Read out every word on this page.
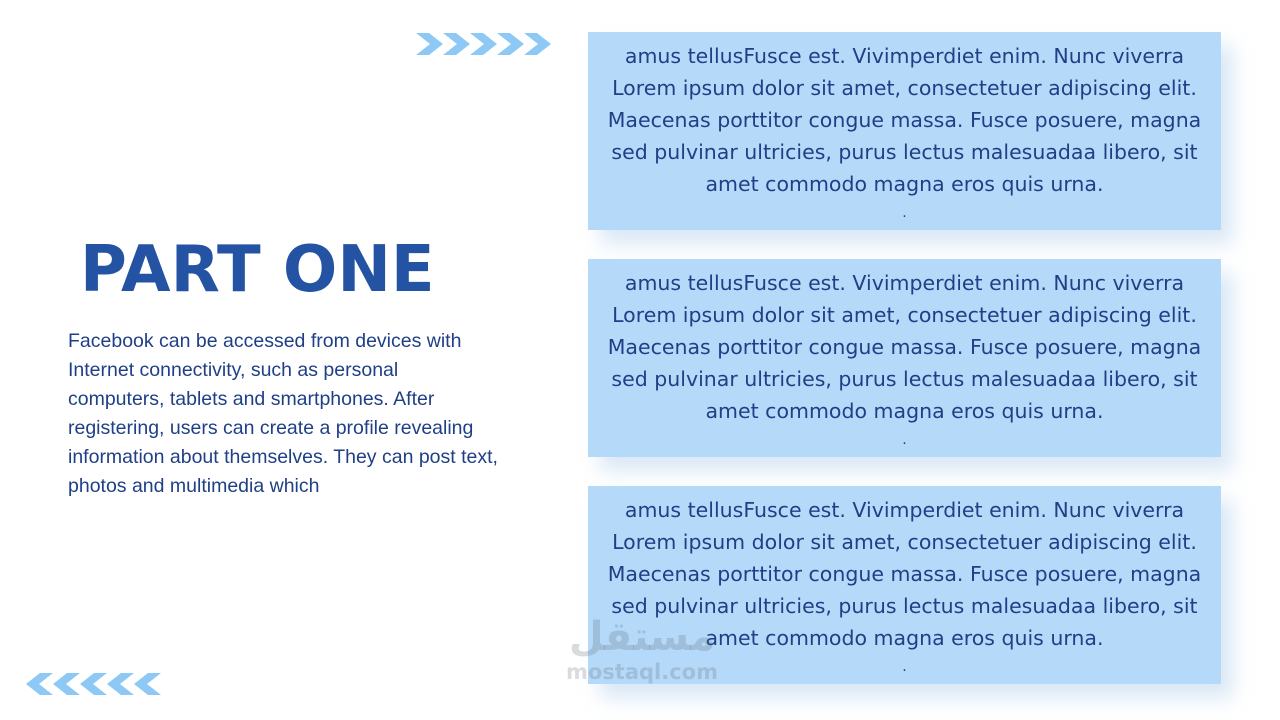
PART ONE
Facebook can be accessed from devices with Internet connectivity, such as personal computers, tablets and smartphones. After registering, users can create a profile revealing information about themselves. They can post text, photos and multimedia which
amus tellusFusce est. Vivimperdiet enim. Nunc viverra Lorem ipsum dolor sit amet, consectetuer adipiscing elit. Maecenas porttitor congue massa. Fusce posuere, magna sed pulvinar ultricies, purus lectus malesuadaa libero, sit amet commodo magna eros quis urna.
.
amus tellusFusce est. Vivimperdiet enim. Nunc viverra Lorem ipsum dolor sit amet, consectetuer adipiscing elit. Maecenas porttitor congue massa. Fusce posuere, magna sed pulvinar ultricies, purus lectus malesuadaa libero, sit amet commodo magna eros quis urna.
.
amus tellusFusce est. Vivimperdiet enim. Nunc viverra Lorem ipsum dolor sit amet, consectetuer adipiscing elit. Maecenas porttitor congue massa. Fusce posuere, magna sed pulvinar ultricies, purus lectus malesuadaa libero, sit amet commodo magna eros quis urna.
.
مستقل
mostaql.com
